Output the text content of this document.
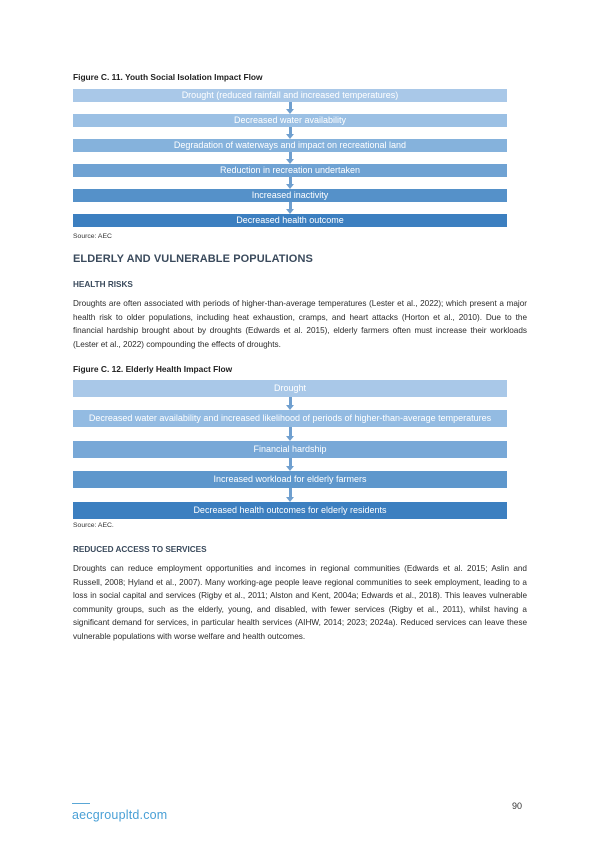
Figure C. 11. Youth Social Isolation Impact Flow
Drought (reduced rainfall and increased temperatures)
Decreased water availability
Degradation of waterways and impact on recreational land
Reduction in recreation undertaken
Increased inactivity
Decreased health outcome
Source: AEC
ELDERLY AND VULNERABLE POPULATIONS
HEALTH RISKS
Droughts are often associated with periods of higher-than-average temperatures (Lester et al., 2022); which present a major health risk to older populations, including heat exhaustion, cramps, and heart attacks (Horton et al., 2010). Due to the financial hardship brought about by droughts (Edwards et al. 2015), elderly farmers often must increase their workloads (Lester et al., 2022) compounding the effects of droughts.
Figure C. 12. Elderly Health Impact Flow
Drought
Decreased water availability and increased likelihood of periods of higher-than-average temperatures
Financial hardship
Increased workload for elderly farmers
Decreased health outcomes for elderly residents
Source: AEC.
REDUCED ACCESS TO SERVICES
Droughts can reduce employment opportunities and incomes in regional communities (Edwards et al. 2015; Aslin and Russell, 2008; Hyland et al., 2007). Many working-age people leave regional communities to seek employment, leading to a loss in social capital and services (Rigby et al., 2011; Alston and Kent, 2004a; Edwards et al., 2018). This leaves vulnerable community groups, such as the elderly, young, and disabled, with fewer services (Rigby et al., 2011), whilst having a significant demand for services, in particular health services (AIHW, 2014; 2023; 2024a). Reduced services can leave these vulnerable populations with worse welfare and health outcomes.
aecgroupltd.com
90
